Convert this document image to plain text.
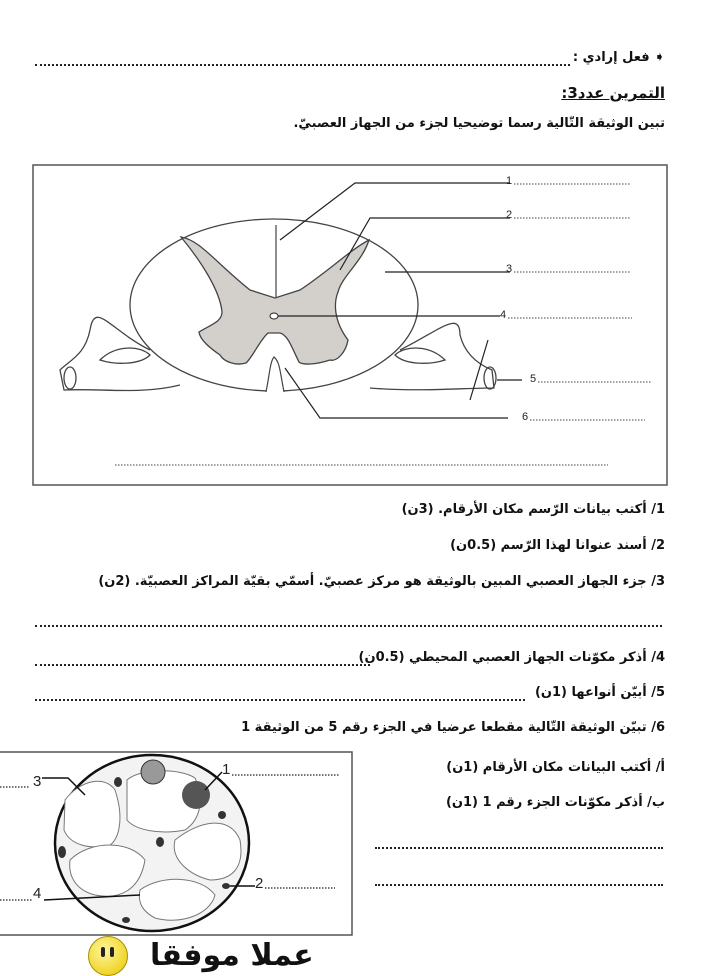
➧ فعل إرادي :
التمرين عدد3:
تبين الوثيقة التّالية رسما توضيحيا لجزء من الجهاز العصبيّ.
1
2
3
4
5
6
1
2
3
4
1/ أكتب بيانات الرّسم مكان الأرقام. (3ن)
2/ أسند عنوانا لهذا الرّسم (0.5ن)
3/ جزء الجهاز العصبي المبين بالوثيقة هو مركز عصبيّ. أسمّي بقيّة المراكز العصبيّة. (2ن)
4/ أذكر مكوّنات الجهاز العصبي المحيطي (0.5ن)
5/ أبيّن أنواعها (1ن)
6/ تبيّن الوثيقة التّالية مقطعا عرضيا في الجزء رقم 5 من الوثيقة 1
أ/ أكتب البيانات مكان الأرقام (1ن)
ب/ أذكر مكوّنات الجزء رقم 1 (1ن)
عملا موفقا
